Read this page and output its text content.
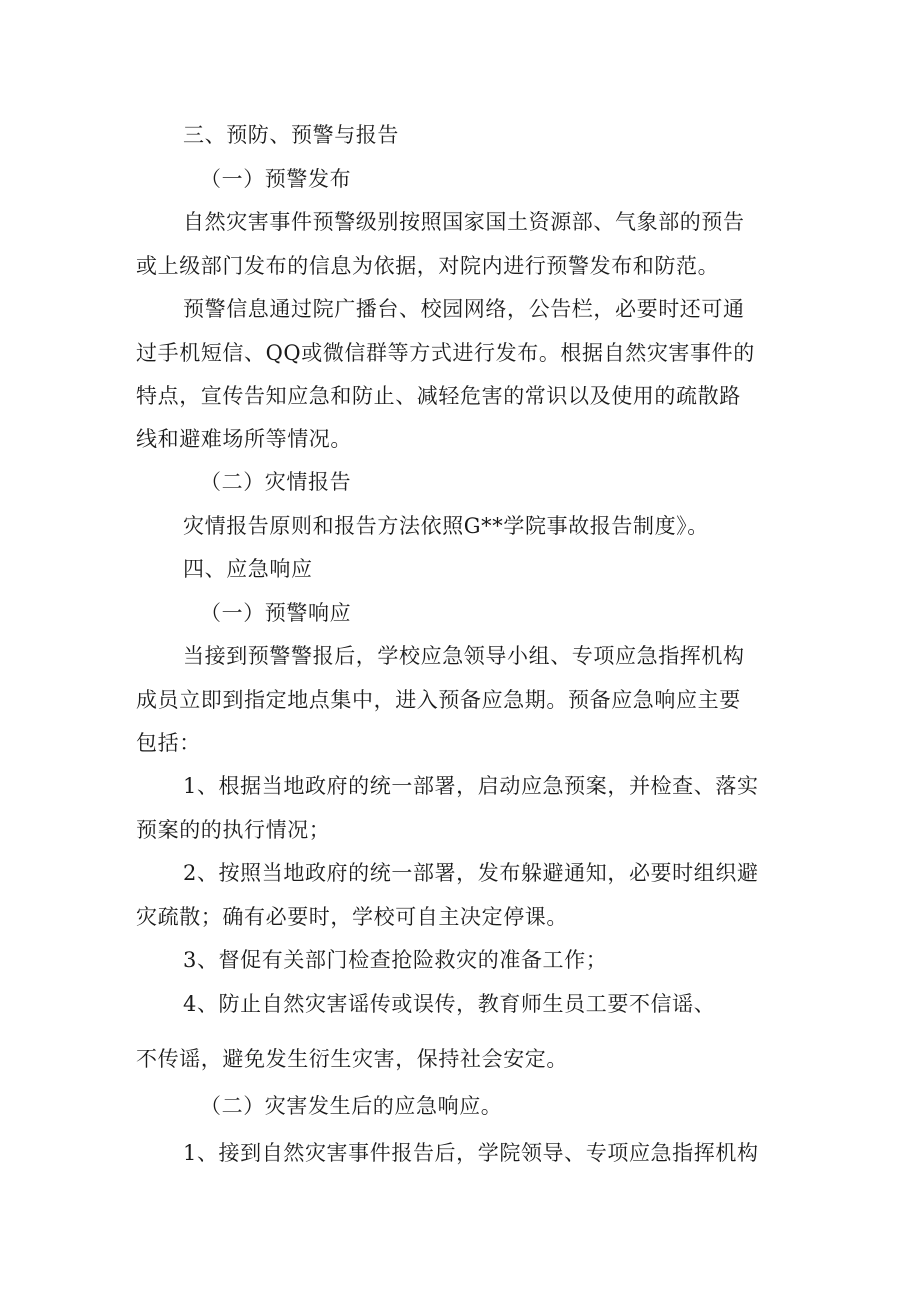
三、预防、预警与报告
（一）预警发布
自然灾害事件预警级别按照国家国土资源部、气象部的预告
或上级部门发布的信息为依据，对院内进行预警发布和防范。
预警信息通过院广播台、校园网络，公告栏，必要时还可通
过手机短信、QQ或微信群等方式进行发布。根据自然灾害事件的
特点，宣传告知应急和防止、减轻危害的常识以及使用的疏散路
线和避难场所等情况。
（二）灾情报告
灾情报告原则和报告方法依照G**学院事故报告制度》。
四、应急响应
（一）预警响应
当接到预警警报后，学校应急领导小组、专项应急指挥机构
成员立即到指定地点集中，进入预备应急期。预备应急响应主要
包括：
1、根据当地政府的统一部署，启动应急预案，并检查、落实
预案的的执行情况；
2、按照当地政府的统一部署，发布躲避通知，必要时组织避
灾疏散；确有必要时，学校可自主决定停课。
3、督促有关部门检查抢险救灾的准备工作；
4、防止自然灾害谣传或误传，教育师生员工要不信谣、
不传谣，避免发生衍生灾害，保持社会安定。
（二）灾害发生后的应急响应。
1、接到自然灾害事件报告后，学院领导、专项应急指挥机构
